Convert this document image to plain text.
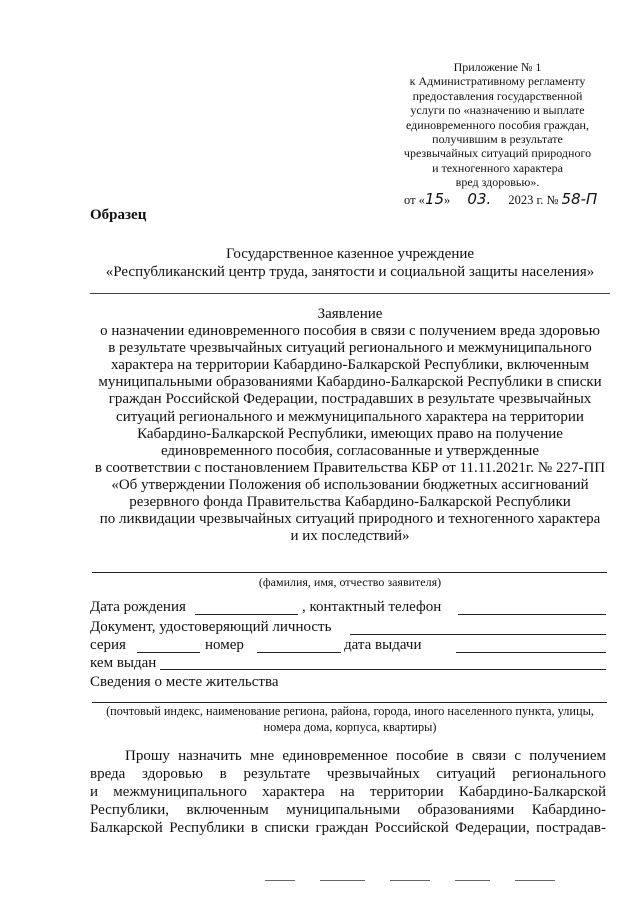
Приложение № 1
к Административному регламенту
предоставления государственной
услуги по «назначению и выплате
единовременного пособия граждан,
получившим в результате
чрезвычайных ситуаций природного
и техногенного характера
вред здоровью».
от «15» 03. 2023 г. № 58-П
Образец
Государственное казенное учреждение
«Республиканский центр труда, занятости и социальной защиты населения»
Заявление
о назначении единовременного пособия в связи с получением вреда здоровью
в результате чрезвычайных ситуаций регионального и межмуниципального
характера на территории Кабардино-Балкарской Республики, включенным
муниципальными образованиями Кабардино-Балкарской Республики в списки
граждан Российской Федерации, пострадавших в результате чрезвычайных
ситуаций регионального и межмуниципального характера на территории
Кабардино-Балкарской Республики, имеющих право на получение
единовременного пособия, согласованные и утвержденные
в соответствии с постановлением Правительства КБР от 11.11.2021г. № 227-ПП
«Об утверждении Положения об использовании бюджетных ассигнований
резервного фонда Правительства Кабардино-Балкарской Республики
по ликвидации чрезвычайных ситуаций природного и техногенного характера
и их последствий»
(фамилия, имя, отчество заявителя)
Дата рождения	, контактный телефон
Документ, удостоверяющий личность
серия	номер	дата выдачи
кем выдан
Сведения о месте жительства
(почтовый индекс, наименование региона, района, города, иного населенного пункта, улицы,
номера дома, корпуса, квартиры)
Прошу назначить мне единовременное пособие в связи с получением
вреда здоровью в результате чрезвычайных ситуаций регионального
и межмуниципального характера на территории Кабардино-Балкарской
Республики, включенным муниципальными образованиями Кабардино-
Балкарской Республики в списки граждан Российской Федерации, пострадав-
